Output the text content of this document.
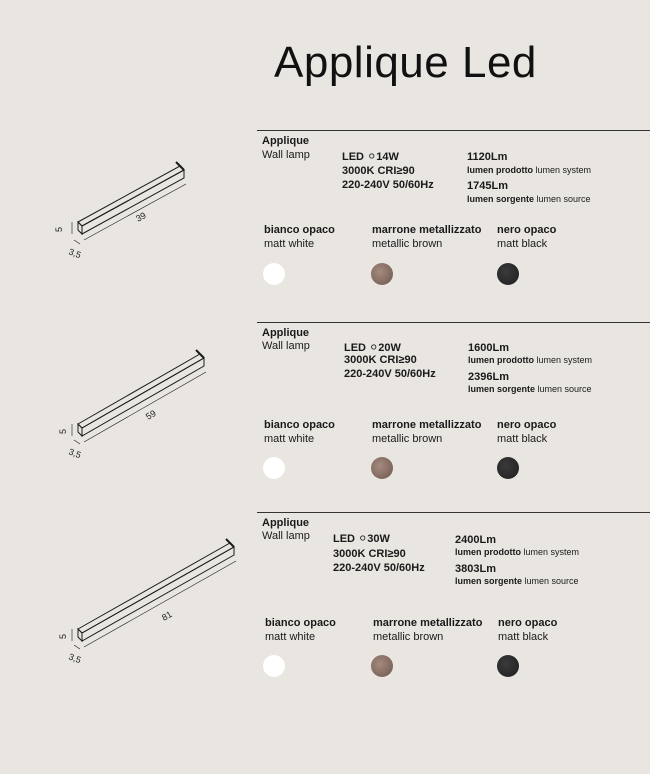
Applique Led
Applique
Wall lamp	LED ⚪14W
3000K CRI≥90
220-240V 50/60Hz
1120Lm
lumen prodotto lumen system
1745Lm
lumen sorgente lumen source
bianco opaco
matt white
marrone metallizzato
metallic brown
nero opaco
matt black
39
5
3,5
Applique
Wall lamp	LED ⚪20W
3000K CRI≥90
220-240V 50/60Hz
1600Lm
lumen prodotto lumen system
2396Lm
lumen sorgente lumen source
bianco opaco
matt white
marrone metallizzato
metallic brown
nero opaco
matt black
59
5
3,5
Applique
Wall lamp LED ⚪30W
3000K CRI≥90
220-240V 50/60Hz
2400Lm
lumen prodotto lumen system
3803Lm
lumen sorgente lumen source
bianco opaco
matt white
marrone metallizzato
metallic brown
nero opaco
matt black
81
5
3,5
